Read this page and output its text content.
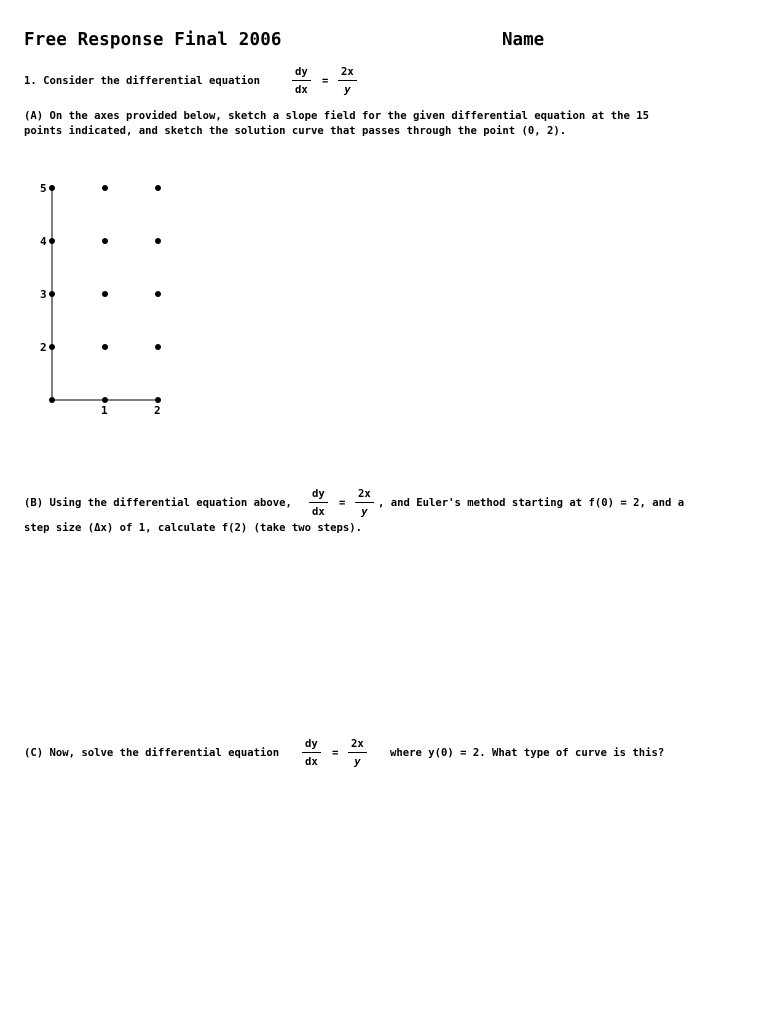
Free Response Final 2006	Name
1. Consider the differential equation
dy
dx
=
2x
y
(A) On the axes provided below, sketch a slope field for the given differential equation at the 15
points indicated, and sketch the solution curve that passes through the point (0, 2).
5
4
3
2
1	2
(B) Using the differential equation above,
dy
dx
=
2x
y
, and Euler's method starting at f(0) = 2, and a
step size (Δx) of 1, calculate f(2) (take two steps).
(C) Now, solve the differential equation
dy
dx
=
2x
y
where y(0) = 2. What type of curve is this?
